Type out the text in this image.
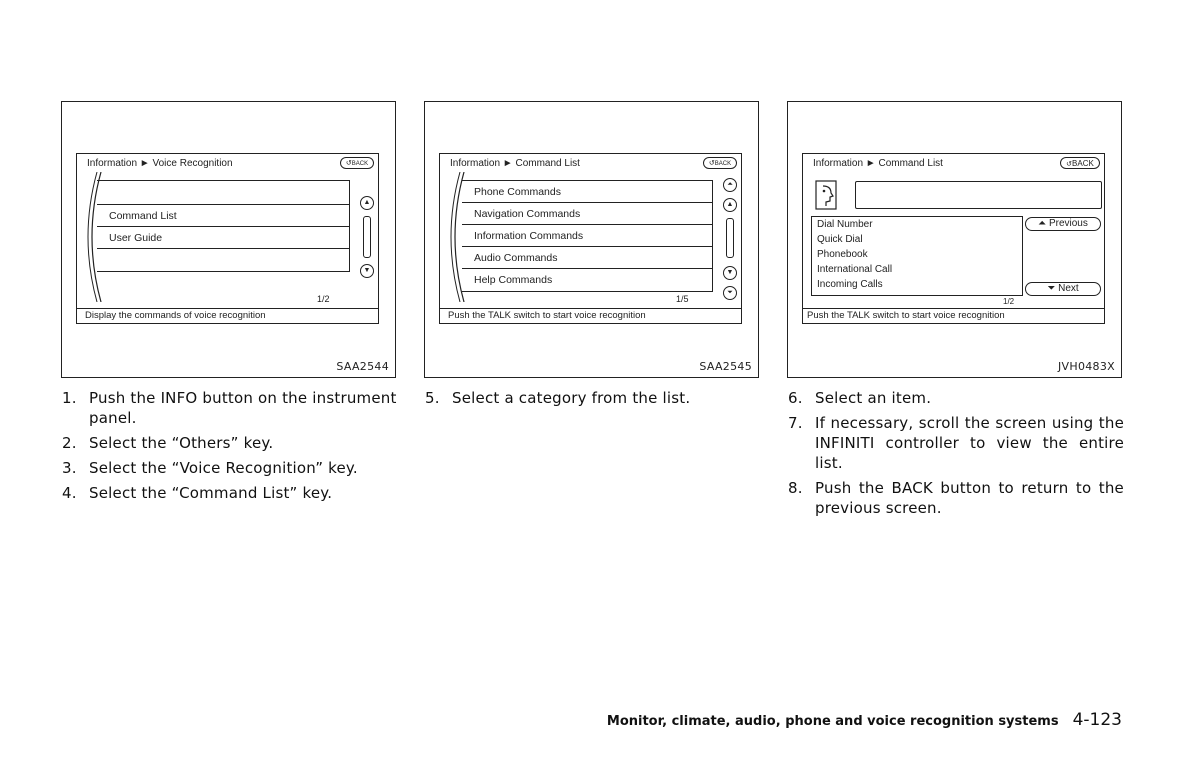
Information ► Voice Recognition	↺BACK
Command List
User Guide
▲
▼
1/2
Display the commands of voice recognition
SAA2544
Information ► Command List	↺BACK
Phone Commands
Navigation Commands
Information Commands
Audio Commands
Help Commands
⏶
▲
▼
⏷
1/5
Push the TALK switch to start voice recognition
SAA2545
Information ► Command List	↺BACK
Dial Number
Quick Dial
Phonebook
International Call
Incoming Calls
⏶ Previous
⏷ Next
1/2
Push the TALK switch to start voice recognition
JVH0483X
1. Push the INFO button on the instrument panel.
2. Select the “Others” key.
3. Select the “Voice Recognition” key.
4. Select the “Command List” key.
5. Select a category from the list.	6. Select an item.
7. If necessary, scroll the screen using the INFINITI controller to view the entire list.
8. Push the BACK button to return to the previous screen.
Monitor, climate, audio, phone and voice recognition systems 4-123
